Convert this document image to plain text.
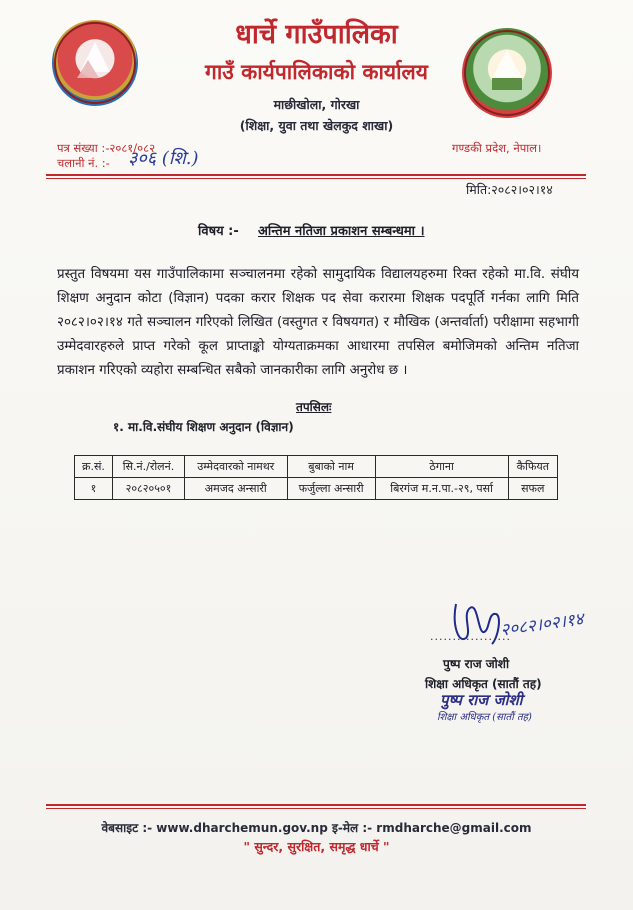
धार्चे गाउँपालिका
गाउँ कार्यपालिकाको कार्यालय
माछीखोला, गोरखा
(शिक्षा, युवा तथा खेलकुद शाखा)
पत्र संख्या :-२०८१/०८२
चलानी नं. :- ३०६ (शि.)	गण्डकी प्रदेश, नेपाल।
मिति:२०८२।०२।१४
विषय :- अन्तिम नतिजा प्रकाशन सम्बन्धमा ।
प्रस्तुत विषयमा यस गाउँपालिकामा सञ्चालनमा रहेको सामुदायिक विद्यालयहरुमा रिक्त रहेको मा.वि. संघीय शिक्षण अनुदान कोटा (विज्ञान) पदका करार शिक्षक पद सेवा करारमा शिक्षक पदपूर्ति गर्नका लागि मिति २०८२।०२।१४ गते सञ्चालन गरिएको लिखित (वस्तुगत र विषयगत) र मौखिक (अन्तर्वार्ता) परीक्षामा सहभागी उम्मेदवारहरुले प्राप्त गरेको कूल प्राप्ताङ्को योग्यताक्रमका आधारमा तपसिल बमोजिमको अन्तिम नतिजा प्रकाशन गरिएको व्यहोरा सम्बन्धित सबैको जानकारीका लागि अनुरोध छ ।
तपसिलः
१. मा.वि.संघीय शिक्षण अनुदान (विज्ञान)
क्र.सं.	सि.नं./रोलनं.	उम्मेदवारको नामथर	बुबाको नाम	ठेगाना	कैफियत
१	२०८२०५०१	अमजद अन्सारी	फर्जुल्ला अन्सारी	बिरगंज म.न.पा.-२९, पर्सा	सफल
..................
२०८२।०२।१४
पुष्प राज जोशी
शिक्षा अधिकृत (सातौं तह)
पुष्प राज जोशी
शिक्षा अधिकृत (सातौं तह)
वेबसाइट :- www.dharchemun.gov.np इ-मेल :- rmdharche@gmail.com
" सुन्दर, सुरक्षित, समृद्ध धार्चे "
